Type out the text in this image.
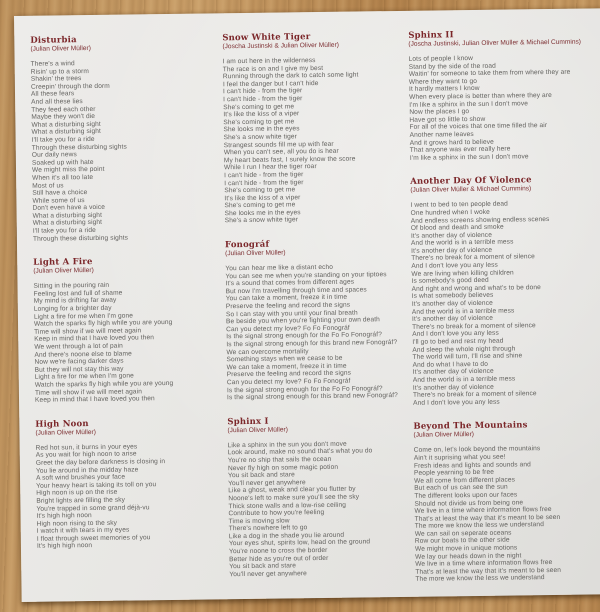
Disturbia
(Julian Oliver Müller)
There's a wind
Risin' up to a storm
Shakin' the trees
Creepin' through the dorm
All these fears
And all these lies
They feed each other
Maybe they won't die
What a disturbing sight
What a disturbing sight
I'll take you for a ride
Through these disturbing sights
Our daily news
Soaked up with hate
We might miss the point
When it's all too late
Most of us
Still have a choice
While some of us
Don't even have a voice
What a disturbing sight
What a disturbing sight
I'll take you for a ride
Through these disturbing sights
Light A Fire
(Julian Oliver Müller)
Sitting in the pouring rain
Feeling lost and full of shame
My mind is drifting far away
Longing for a brighter day
Light a fire for me when I'm gone
Watch the sparks fly high while you are young
Time will show if we will meet again
Keep in mind that I have loved you then
We went through a lot of pain
And there's noone else to blame
Now we're facing darker days
But they will not stay this way
Light a fire for me when I'm gone
Watch the sparks fly high while you are young
Time will show if we will meet again
Keep in mind that I have loved you then
High Noon
(Julian Oliver Müller)
Red hot sun, it burns in your eyes
As you wait for high noon to arise
Greet the day before darkness is closing in
You lie around in the midday haze
A soft wind brushes your face
Your heavy heart is taking its toll on you
High noon is up on the rise
Bright lights are filling the sky
You're trapped in some grand déjà-vu
It's high high noon
High noon rising to the sky
I watch it with tears in my eyes
I float through sweet memories of you
It's high high noon
Snow White Tiger
(Joscha Justinski & Julian Oliver Müller)
I am out here in the wilderness
The race is on and I give my best
Running through the dark to catch some light
I feel the danger but I can't hide
I can't hide - from the tiger
I can't hide - from the tiger
She's coming to get me
It's like the kiss of a viper
She's coming to get me
She looks me in the eyes
She's a snow white tiger
Strangest sounds fill me up with fear
When you can't see, all you do is hear
My heart beats fast, I surely know the score
While I run I hear the tiger roar
I can't hide - from the tiger
I can't hide - from the tiger
She's coming to get me
It's like the kiss of a viper
She's coming to get me
She looks me in the eyes
She's a snow white tiger
Fonográf
(Julian Oliver Müller)
You can hear me like a distant echo
You can see me when you're standing on your tiptoes
It's a sound that comes from different ages
But now I'm travelling through time and spaces
You can take a moment, freeze it in time
Preserve the feeling and record the signs
So I can stay with you until your final breath
Be beside you when you're fighting your own death
Can you detect my love? Fo Fo Fonográf
Is the signal strong enough for the Fo Fo Fonográf?
Is the signal strong enough for this brand new Fonográf?
We can overcome mortality
Something stays when we cease to be
We can take a moment, freeze it in time
Preserve the feeling and record the signs
Can you detect my love? Fo Fo Fonográf
Is the signal strong enough for the Fo Fo Fonográf?
Is the signal strong enough for this brand new Fonográf?
Sphinx I
(Julian Oliver Müller)
Like a sphinx in the sun you don't move
Look around, make no sound that's what you do
You're no ship that sails the ocean
Never fly high on some magic potion
You sit back and stare
You'll never get anywhere
Like a ghost, weak and clear you flutter by
Noone's left to make sure you'll see the sky
Thick stone walls and a low-rise ceiling
Contribute to how you're feeling
Time is moving slow
There's nowhere left to go
Like a dog in the shade you lie around
Your eyes shut, spirits low, head on the ground
You're noone to cross the border
Better hide as you're out of order
You sit back and stare
You'll never get anywhere
Sphinx II
(Joscha Justinski, Julian Oliver Müller & Michael Cummins)
Lots of people I know
Stand by the side of the road
Waitin' for someone to take them from where they are
Where they want to go
It hardly matters I know
When every place is better than where they are
I'm like a sphinx in the sun I don't move
Now the places I go
Have got so little to show
For all of the voices that one time filled the air
Another name leaves
And it grows hard to believe
That anyone was ever really here
I'm like a sphinx in the sun I don't move
Another Day Of Violence
(Julian Oliver Müller & Michael Cummins)
I went to bed to ten people dead
One hundred when I woke
And endless screens showing endless scenes
Of blood and death and smoke
It's another day of violence
And the world is in a terrible mess
It's another day of violence
There's no break for a moment of silence
And I don't love you any less
We are living when killing children
Is somebody's good deed
And right and wrong and what's to be done
Is what somebody believes
It's another day of violence
And the world is in a terrible mess
It's another day of violence
There's no break for a moment of silence
And I don't love you any less
I'll go to bed and rest my head
And sleep the whole night through
The world will turn, I'll rise and shine
And do what I have to do
It's another day of violence
And the world is in a terrible mess
It's another day of violence
There's no break for a moment of silence
And I don't love you any less
Beyond The Mountains
(Julian Oliver Müller)
Come on, let's look beyond the mountains
Ain't it suprising what you see!
Fresh ideas and lights and sounds and
People yearning to be free
We all come from different places
But each of us can see the sun
The different looks upon our faces
Should not divide us from being one
We live in a time where information flows free
That's at least the way that it's meant to be seen
The more we know the less we understand
We can sail on seperate oceans
Row our boats to the other side
We might move in unique motions
We lay our heads down in the night
We live in a time where information flows free
That's at least the way that it's meant to be seen
The more we know the less we understand
